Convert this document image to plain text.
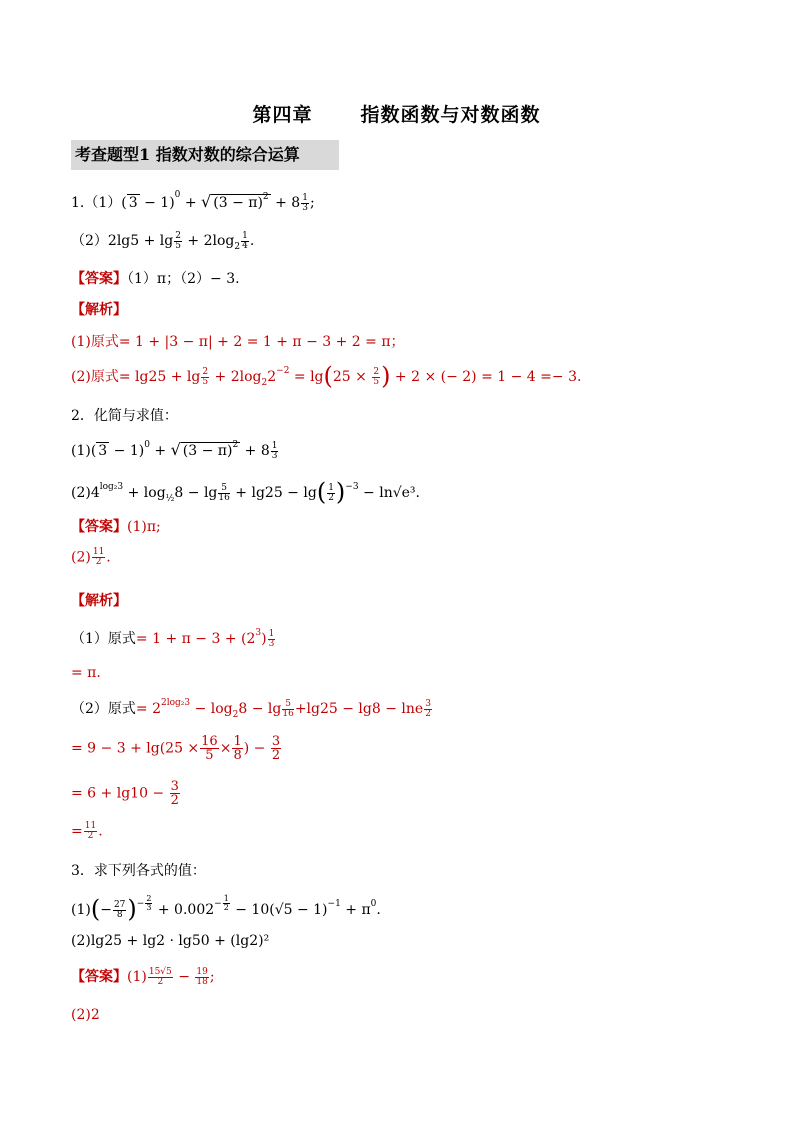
第四章	指数函数与对数函数
考查题型1 指数对数的综合运算
1.（1）( 3 − 1)$^0$ + √ $(3 - \pi)^2 + 8 \frac{1}{3}$ ;
$(2)2\lg 5 + \lg \frac{2}{5} + 2\log_2 \frac{1}{4}$ .
【答案】（1）π；（2）− 3.
【解析】
(1)原式= 1 + |3 − π| + 2 = 1 + π − 3 + 2 = π；
(2)原式= $\lg 25 + \lg \frac{2}{5} + 2\log_22^{-2} = \lg(25 \times \frac{2}{5}$ ) + 2 × (− 2) = 1 − 4 =− 3.
2．化简与求值：
(1)( 3 − 1)$^0$ + √ $(3 - \pi)^2 + 8 \frac{1}{3}$
$(2)4^{log_23} + \log_{\frac{1}{2}}8 - \lg \frac{5}{16} + \lg 25 - \lg( \frac{1}{2} )^{-3} - \ln√e^3$.
【答案】(1)π;
$(2) \frac{11}{2}$ .
【解析】
（1）原式= $1 + \pi - 3 + (2^3) \frac{1}{3}$
= π.
（2）原式= $2^{2log_23} - \log_28 - \lg \frac{5}{16} +\lg 25 - \lg 8 - \ln e \frac{3}{2}$
= $9 - 3 + \lg(25 \times \frac{16}{5} \times \frac{1}{8}$ ) − $\frac{3}{2}$
= $6 + \lg 10 - \frac{3}{2}$
= $\frac{11}{2}$ .
3．求下列各式的值：
$(1)(- \frac{27}{8} )^{- \frac{2}{3}} + 0.002^{- \frac{1}{2}} - 10(√5 - 1)^{-1} + \pi^0$.
(2)lg25 + lg2 · lg50 + (lg2)²
【答案】$(1) \frac{15√5}{2} - \frac{19}{18}$ ;
(2)2
